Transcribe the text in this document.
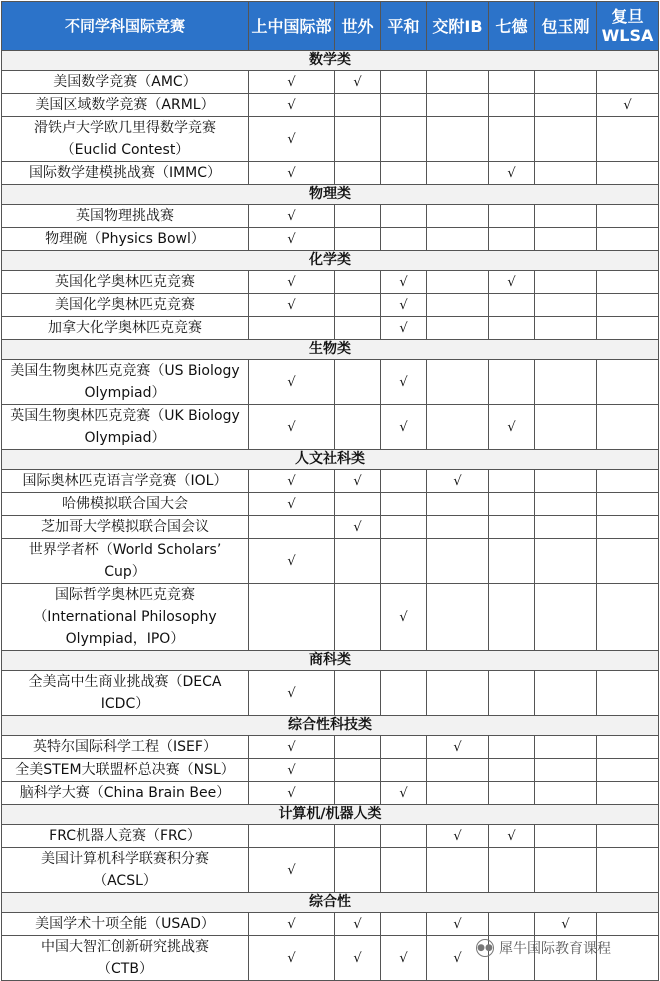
不同学科国际竞赛	上中国际部	世外	平和	交附IB	七德	包玉刚	复旦
WLSA
数学类							
美国数学竞赛（AMC）	√	√					
美国区域数学竞赛（ARML）	√						√
滑铁卢大学欧几里得数学竞赛
（Euclid Contest）	√						
国际数学建模挑战赛（IMMC）	√				√		
物理类							
英国物理挑战赛	√						
物理碗（Physics Bowl）	√						
化学类							
英国化学奥林匹克竞赛	√		√		√		
美国化学奥林匹克竞赛	√		√				
加拿大化学奥林匹克竞赛			√				
生物类							
美国生物奥林匹克竞赛（US Biology
Olympiad）	√		√				
英国生物奥林匹克竞赛（UK Biology
Olympiad）	√		√		√		
人文社科类							
国际奥林匹克语言学竞赛（IOL）	√	√		√			
哈佛模拟联合国大会	√						
芝加哥大学模拟联合国会议		√					
世界学者杯（World Scholars’
Cup）	√						
国际哲学奥林匹克竞赛
（International Philosophy
Olympiad，IPO）			√				
商科类							
全美高中生商业挑战赛（DECA
ICDC）	√						
综合性科技类							
英特尔国际科学工程（ISEF）	√			√			
全美STEM大联盟杯总决赛（NSL）	√						
脑科学大赛（China Brain Bee）	√		√				
计算机/机器人类							
FRC机器人竞赛（FRC）				√	√		
美国计算机科学联赛积分赛
（ACSL）	√						
综合性							
美国学术十项全能（USAD）	√	√		√		√	
中国大智汇创新研究挑战赛
（CTB）	√	√	√	√			
●● 犀牛国际教育课程
